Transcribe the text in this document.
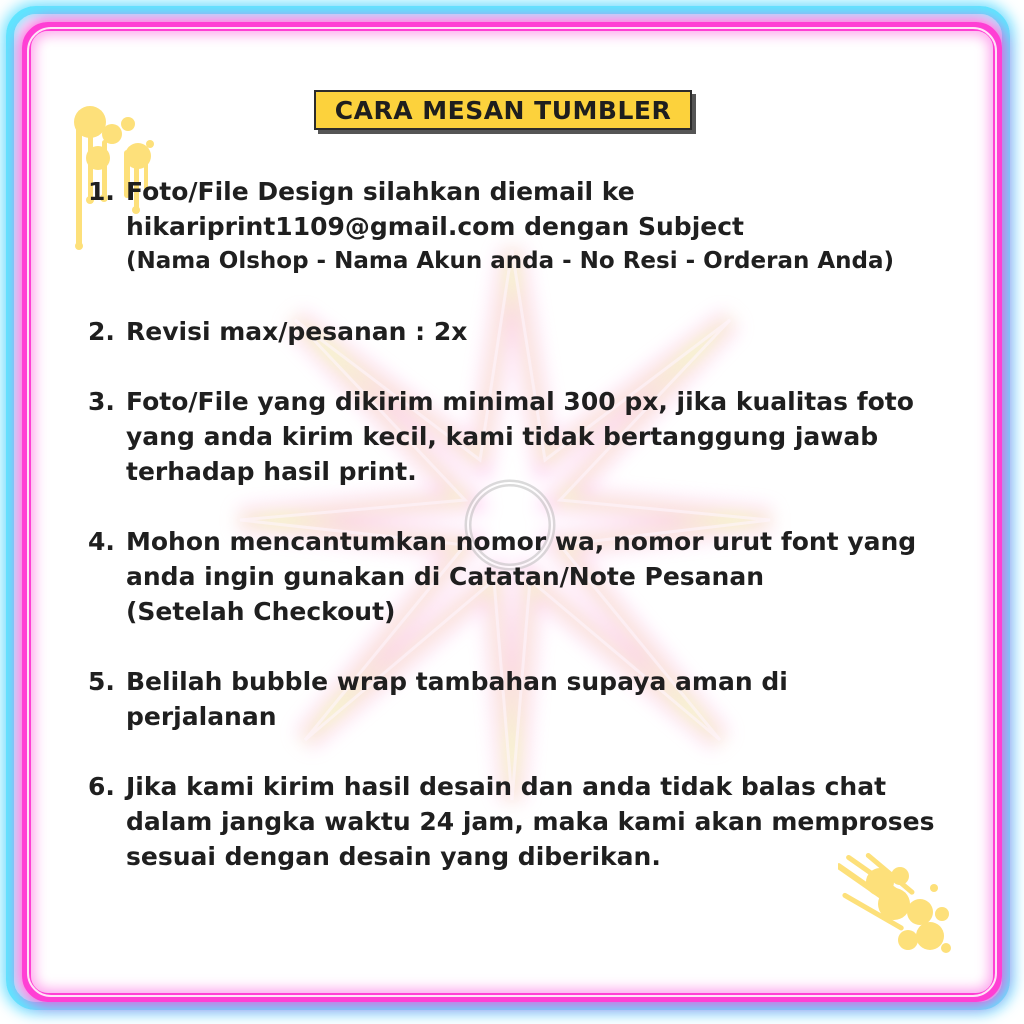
CARA MESAN TUMBLER
1. Foto/File Design silahkan diemail ke
hikariprint1109@gmail.com dengan Subject
(Nama Olshop - Nama Akun anda - No Resi - Orderan Anda)
2. Revisi max/pesanan : 2x
3. Foto/File yang dikirim minimal 300 px, jika kualitas foto
yang anda kirim kecil, kami tidak bertanggung jawab
terhadap hasil print.
4. Mohon mencantumkan nomor wa, nomor urut font yang
anda ingin gunakan di Catatan/Note Pesanan
(Setelah Checkout)
5. Belilah bubble wrap tambahan supaya aman di
perjalanan
6. Jika kami kirim hasil desain dan anda tidak balas chat
dalam jangka waktu 24 jam, maka kami akan memproses
sesuai dengan desain yang diberikan.
